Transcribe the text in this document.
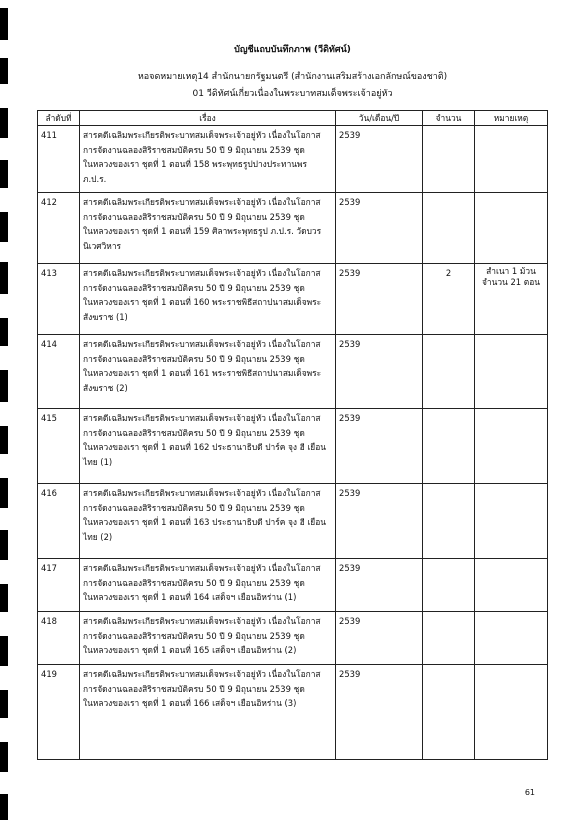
บัญชีแถบบันทึกภาพ (วีดิทัศน์)
หอจดหมายเหตุ14 สำนักนายกรัฐมนตรี (สำนักงานเสริมสร้างเอกลักษณ์ของชาติ)
01 วีดิทัศน์เกี่ยวเนื่องในพระบาทสมเด็จพระเจ้าอยู่หัว
ลำดับที่	เรื่อง	วัน/เดือน/ปี	จำนวน	หมายเหตุ
411	สารคดีเฉลิมพระเกียรติพระบาทสมเด็จพระเจ้าอยู่หัว เนื่องในโอกาสการจัดงานฉลองสิริราชสมบัติครบ 50 ปี 9 มิถุนายน 2539 ชุด ในหลวงของเรา ชุดที่ 1 ตอนที่ 158 พระพุทธรูปปางประทานพร ภ.ป.ร.	2539		
412	สารคดีเฉลิมพระเกียรติพระบาทสมเด็จพระเจ้าอยู่หัว เนื่องในโอกาสการจัดงานฉลองสิริราชสมบัติครบ 50 ปี 9 มิถุนายน 2539 ชุด ในหลวงของเรา ชุดที่ 1 ตอนที่ 159 ศิลาพระพุทธรูป ภ.ป.ร. วัดบวรนิเวศวิหาร	2539		
413	สารคดีเฉลิมพระเกียรติพระบาทสมเด็จพระเจ้าอยู่หัว เนื่องในโอกาสการจัดงานฉลองสิริราชสมบัติครบ 50 ปี 9 มิถุนายน 2539 ชุด ในหลวงของเรา ชุดที่ 1 ตอนที่ 160 พระราชพิธีสถาปนาสมเด็จพระสังฆราช (1)	2539	2	สำเนา 1 ม้วน จำนวน 21 ตอน
414	สารคดีเฉลิมพระเกียรติพระบาทสมเด็จพระเจ้าอยู่หัว เนื่องในโอกาสการจัดงานฉลองสิริราชสมบัติครบ 50 ปี 9 มิถุนายน 2539 ชุด ในหลวงของเรา ชุดที่ 1 ตอนที่ 161 พระราชพิธีสถาปนาสมเด็จพระสังฆราช (2)	2539		
415	สารคดีเฉลิมพระเกียรติพระบาทสมเด็จพระเจ้าอยู่หัว เนื่องในโอกาสการจัดงานฉลองสิริราชสมบัติครบ 50 ปี 9 มิถุนายน 2539 ชุด ในหลวงของเรา ชุดที่ 1 ตอนที่ 162 ประธานาธิบดี ปาร์ค จุง ฮี เยือนไทย (1)	2539		
416	สารคดีเฉลิมพระเกียรติพระบาทสมเด็จพระเจ้าอยู่หัว เนื่องในโอกาสการจัดงานฉลองสิริราชสมบัติครบ 50 ปี 9 มิถุนายน 2539 ชุด ในหลวงของเรา ชุดที่ 1 ตอนที่ 163 ประธานาธิบดี ปาร์ค จุง ฮี เยือนไทย (2)	2539		
417	สารคดีเฉลิมพระเกียรติพระบาทสมเด็จพระเจ้าอยู่หัว เนื่องในโอกาสการจัดงานฉลองสิริราชสมบัติครบ 50 ปี 9 มิถุนายน 2539 ชุด ในหลวงของเรา ชุดที่ 1 ตอนที่ 164 เสด็จฯ เยือนอิหร่าน (1)	2539		
418	สารคดีเฉลิมพระเกียรติพระบาทสมเด็จพระเจ้าอยู่หัว เนื่องในโอกาสการจัดงานฉลองสิริราชสมบัติครบ 50 ปี 9 มิถุนายน 2539 ชุด ในหลวงของเรา ชุดที่ 1 ตอนที่ 165 เสด็จฯ เยือนอิหร่าน (2)	2539		
419	สารคดีเฉลิมพระเกียรติพระบาทสมเด็จพระเจ้าอยู่หัว เนื่องในโอกาสการจัดงานฉลองสิริราชสมบัติครบ 50 ปี 9 มิถุนายน 2539 ชุด ในหลวงของเรา ชุดที่ 1 ตอนที่ 166 เสด็จฯ เยือนอิหร่าน (3)	2539		
61
